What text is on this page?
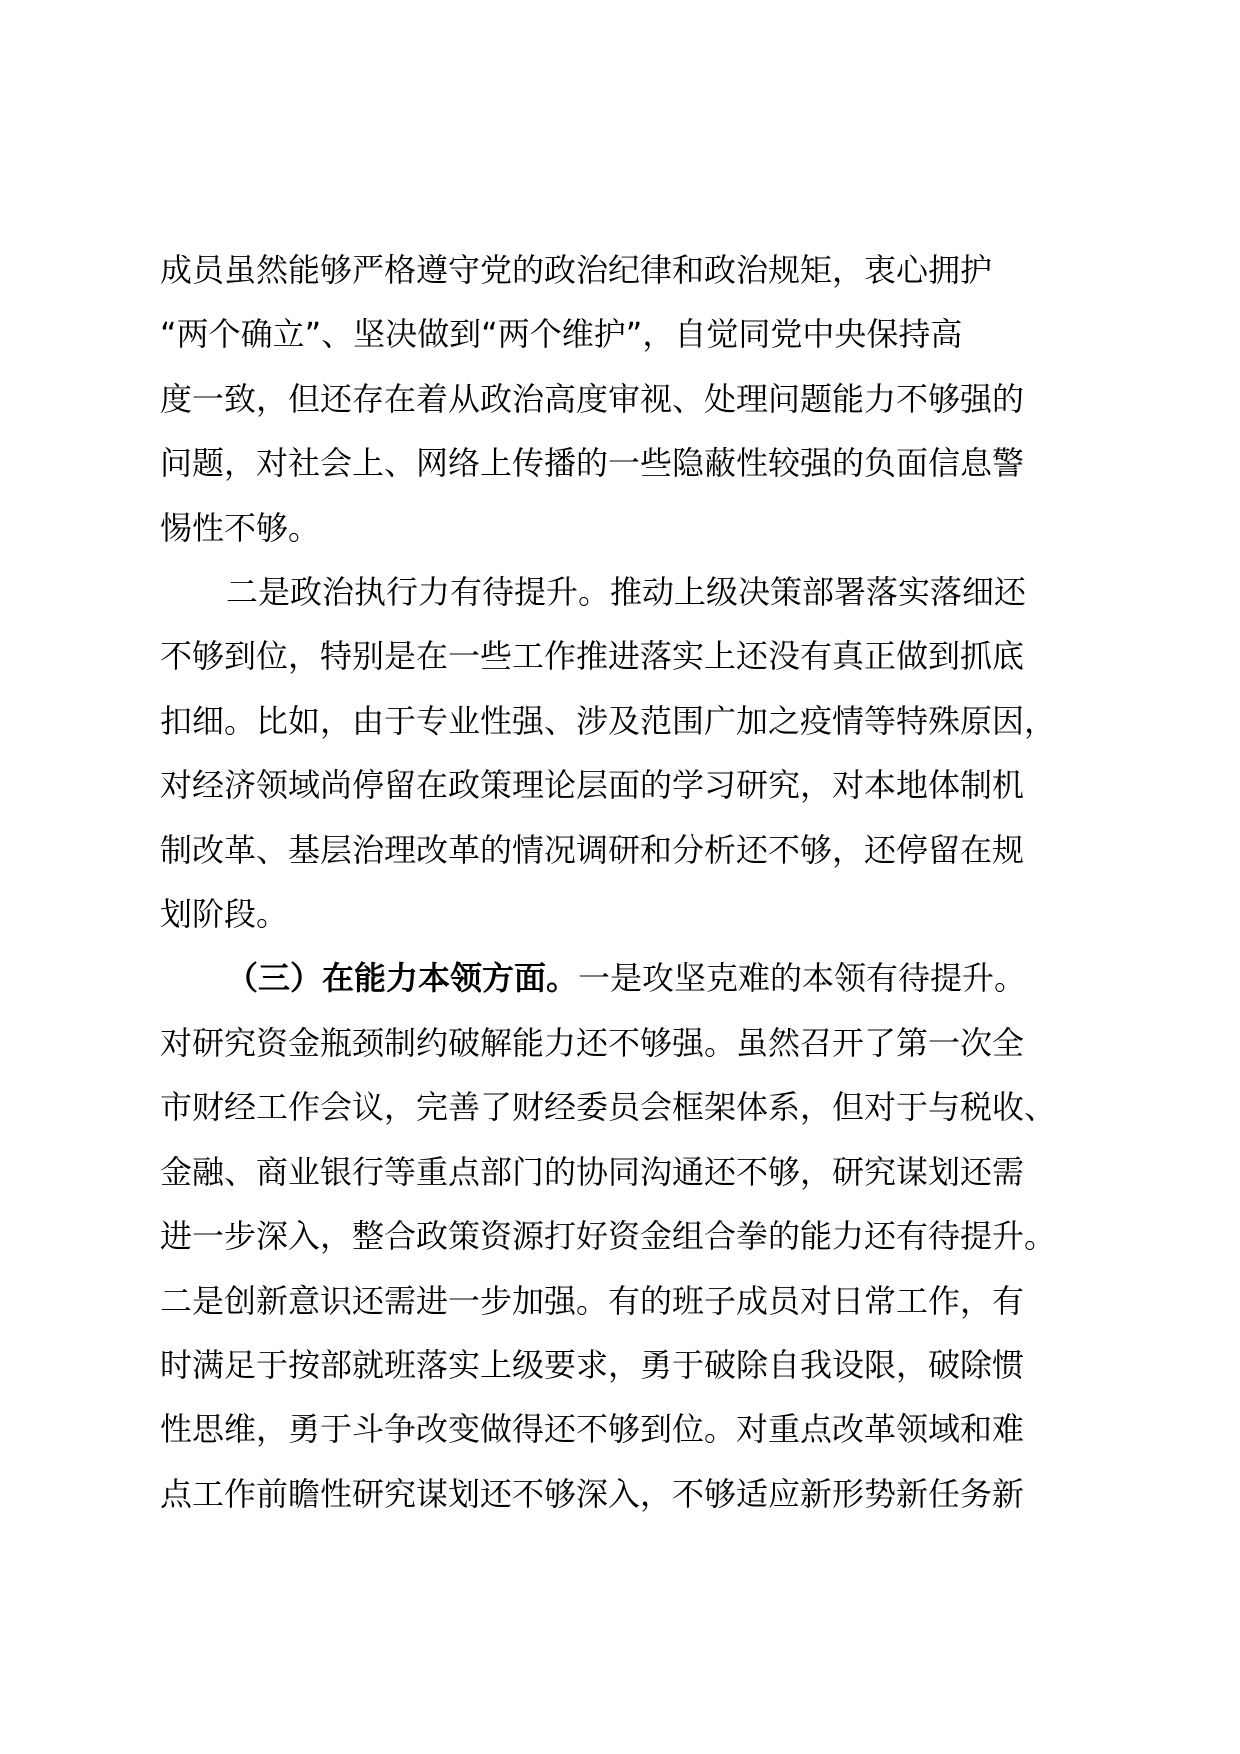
成员虽然能够严格遵守党的政治纪律和政治规矩，衷心拥护
“两个确立”、坚决做到“两个维护”，自觉同党中央保持高
度一致，但还存在着从政治高度审视、处理问题能力不够强的
问题，对社会上、网络上传播的一些隐蔽性较强的负面信息警
惕性不够。

二是政治执行力有待提升。推动上级决策部署落实落细还
不够到位，特别是在一些工作推进落实上还没有真正做到抓底
扣细。比如，由于专业性强、涉及范围广加之疫情等特殊原因，
对经济领域尚停留在政策理论层面的学习研究，对本地体制机
制改革、基层治理改革的情况调研和分析还不够，还停留在规
划阶段。

（三）在能力本领方面。一是攻坚克难的本领有待提升。
对研究资金瓶颈制约破解能力还不够强。虽然召开了第一次全
市财经工作会议，完善了财经委员会框架体系，但对于与税收、
金融、商业银行等重点部门的协同沟通还不够，研究谋划还需
进一步深入，整合政策资源打好资金组合拳的能力还有待提升。
二是创新意识还需进一步加强。有的班子成员对日常工作，有
时满足于按部就班落实上级要求，勇于破除自我设限，破除惯
性思维，勇于斗争改变做得还不够到位。对重点改革领域和难
点工作前瞻性研究谋划还不够深入，不够适应新形势新任务新
